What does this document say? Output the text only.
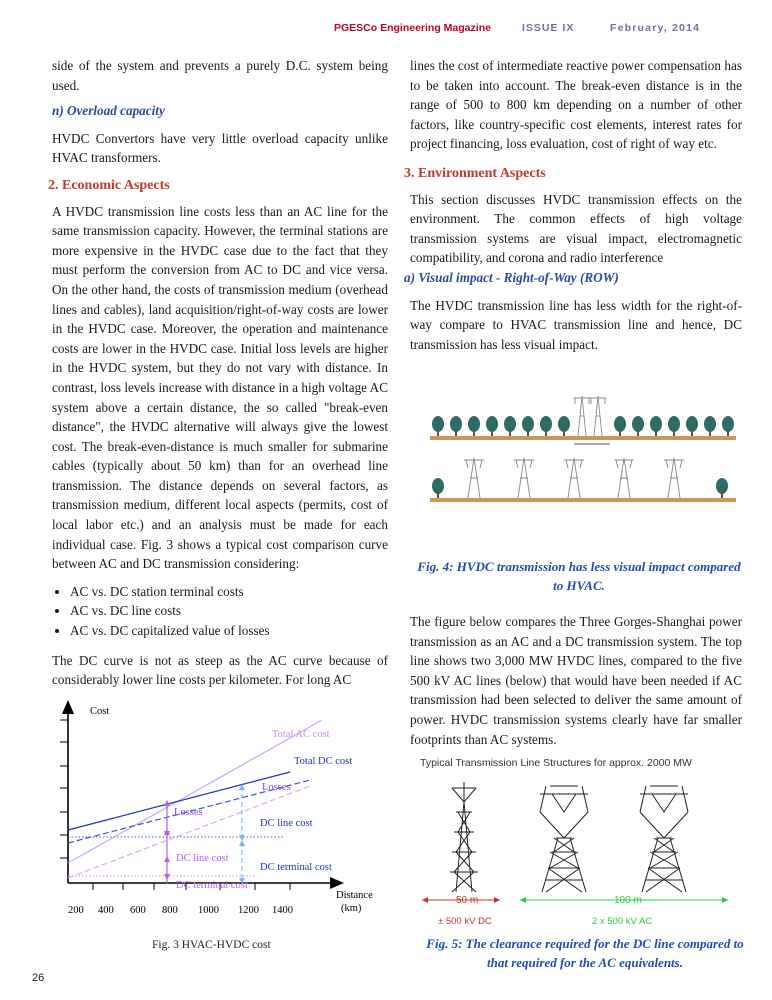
PGESCo Engineering Magazine	ISSUE IX	February, 2014

side of the system and prevents a purely D.C. system being used.

n) Overload capacity

HVDC Convertors have very little overload capacity unlike HVAC transformers.

2. Economic Aspects

A HVDC transmission line costs less than an AC line for the same transmission capacity. However, the terminal stations are more expensive in the HVDC case due to the fact that they must perform the conversion from AC to DC and vice versa. On the other hand, the costs of transmission medium (overhead lines and cables), land acquisition/right-of-way costs are lower in the HVDC case. Moreover, the operation and maintenance costs are lower in the HVDC case. Initial loss levels are higher in the HVDC system, but they do not vary with distance. In contrast, loss levels increase with distance in a high voltage AC system above a certain distance, the so called "break-even distance", the HVDC alternative will always give the lowest cost. The break-even-distance is much smaller for submarine cables (typically about 50 km) than for an overhead line transmission. The distance depends on several factors, as transmission medium, different local aspects (permits, cost of local labor etc.) and an analysis must be made for each individual case. Fig. 3 shows a typical cost comparison curve between AC and DC transmission considering:

• AC vs. DC station terminal costs
• AC vs. DC line costs
• AC vs. DC capitalized value of losses

The DC curve is not as steep as the AC curve because of considerably lower line costs per kilometer. For long AC

Cost
Distance
(km)
200 400 600 800 1000 1200 1400
Total AC cost
Total DC cost
Losses
Losses
DC line cost
DC line cost
DC terminal cost
DC terminal cost
Fig. 3 HVAC-HVDC cost

lines the cost of intermediate reactive power compensation has to be taken into account. The break-even distance is in the range of 500 to 800 km depending on a number of other factors, like country-specific cost elements, interest rates for project financing, loss evaluation, cost of right of way etc.

3. Environment Aspects

This section discusses HVDC transmission effects on the environment. The common effects of high voltage transmission systems are visual impact, electromagnetic compatibility, and corona and radio interference

a) Visual impact - Right-of-Way (ROW)

The HVDC transmission line has less width for the right-of-way compare to HVAC transmission line and hence, DC transmission has less visual impact.

Fig. 4: HVDC transmission has less visual impact compared to HVAC.

The figure below compares the Three Gorges-Shanghai power transmission as an AC and a DC transmission system. The top line shows two 3,000 MW HVDC lines, compared to the five 500 kV AC lines (below) that would have been needed if AC transmission had been selected to deliver the same amount of power. HVDC transmission systems clearly have far smaller footprints than AC systems.

Typical Transmission Line Structures for approx. 2000 MW
50 m	100 m
± 500 kV DC	2 x 500 kV AC
Fig. 5: The clearance required for the DC line compared to that required for the AC equivalents.
26
